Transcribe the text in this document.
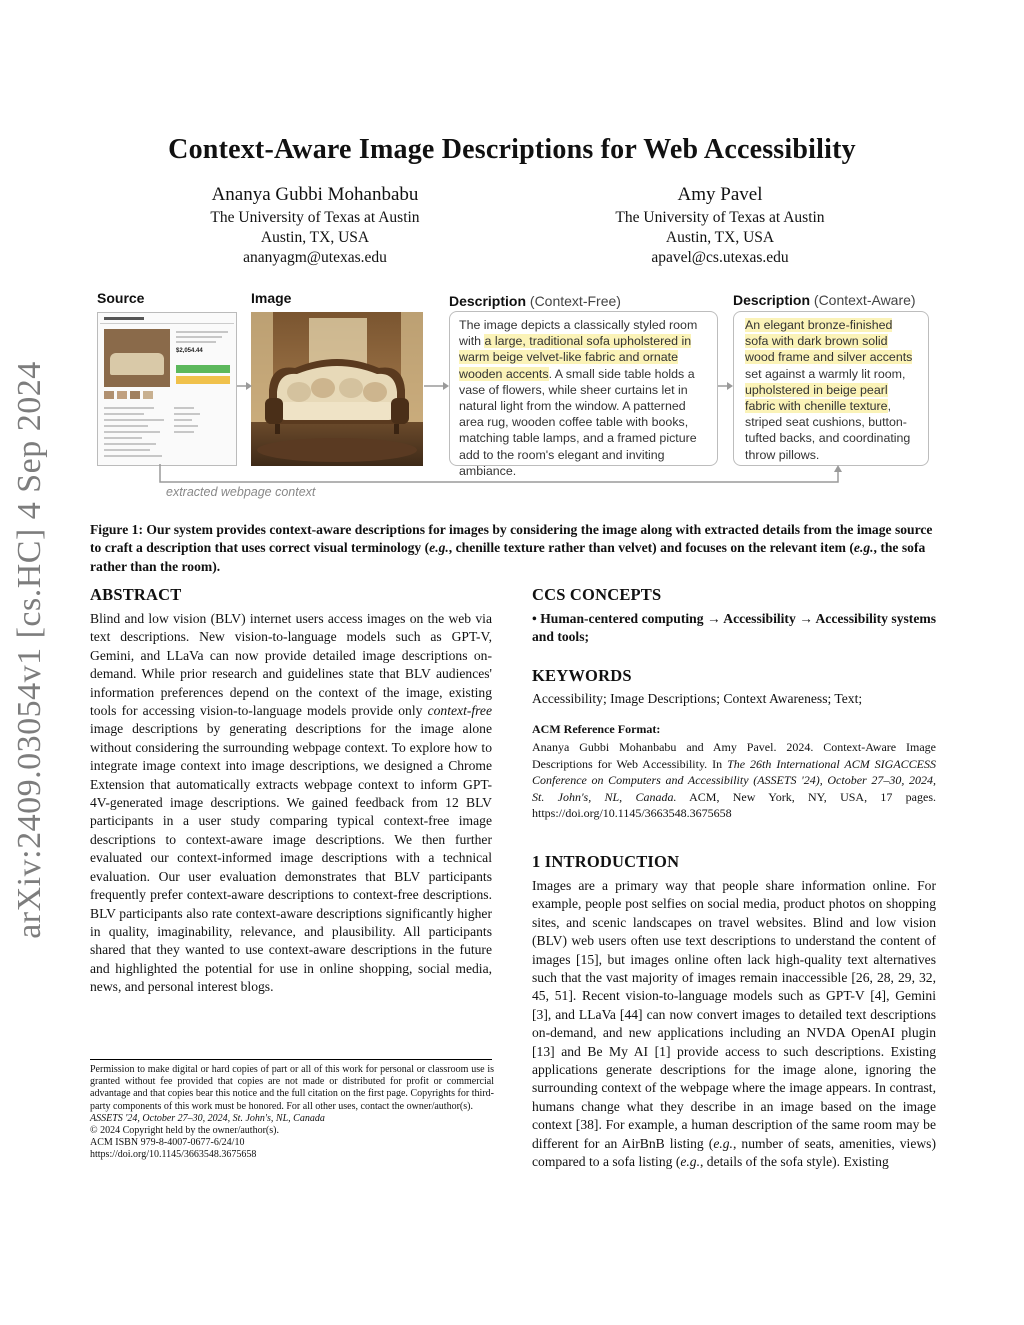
arXiv:2409.03054v1 [cs.HC] 4 Sep 2024
Context-Aware Image Descriptions for Web Accessibility
Ananya Gubbi Mohanbabu
The University of Texas at Austin
Austin, TX, USA
ananyagm@utexas.edu
Amy Pavel
The University of Texas at Austin
Austin, TX, USA
apavel@cs.utexas.edu
Source	Image	Description (Context-Free)	Description (Context-Aware)
$2,054.44
The image depicts a classically styled room with a large, traditional sofa upholstered in warm beige velvet-like fabric and ornate wooden accents. A small side table holds a vase of flowers, while sheer curtains let in natural light from the window. A patterned area rug, wooden coffee table with books, matching table lamps, and a framed picture add to the room's elegant and inviting ambiance.
An elegant bronze-finished sofa with dark brown solid wood frame and silver accents set against a warmly lit room, upholstered in beige pearl fabric with chenille texture, striped seat cushions, button-tufted backs, and coordinating throw pillows.
extracted webpage context
Figure 1: Our system provides context-aware descriptions for images by considering the image along with extracted details from the image source to craft a description that uses correct visual terminology (e.g., chenille texture rather than velvet) and focuses on the relevant item (e.g., the sofa rather than the room).
ABSTRACT
Blind and low vision (BLV) internet users access images on the web via text descriptions. New vision-to-language models such as GPT-V, Gemini, and LLaVa can now provide detailed image descriptions on-demand. While prior research and guidelines state that BLV audiences' information preferences depend on the context of the image, existing tools for accessing vision-to-language models provide only context-free image descriptions by generating descriptions for the image alone without considering the surrounding webpage context. To explore how to integrate image context into image descriptions, we designed a Chrome Extension that automatically extracts webpage context to inform GPT-4V-generated image descriptions. We gained feedback from 12 BLV participants in a user study comparing typical context-free image descriptions to context-aware image descriptions. We then further evaluated our context-informed image descriptions with a technical evaluation. Our user evaluation demonstrates that BLV participants frequently prefer context-aware descriptions to context-free descriptions. BLV participants also rate context-aware descriptions significantly higher in quality, imaginability, relevance, and plausibility. All participants shared that they wanted to use context-aware descriptions in the future and highlighted the potential for use in online shopping, social media, news, and personal interest blogs.
Permission to make digital or hard copies of part or all of this work for personal or classroom use is granted without fee provided that copies are not made or distributed for profit or commercial advantage and that copies bear this notice and the full citation on the first page. Copyrights for third-party components of this work must be honored. For all other uses, contact the owner/author(s).
ASSETS '24, October 27–30, 2024, St. John's, NL, Canada
© 2024 Copyright held by the owner/author(s).
ACM ISBN 979-8-4007-0677-6/24/10
https://doi.org/10.1145/3663548.3675658
CCS CONCEPTS
• Human-centered computing → Accessibility → Accessibility systems and tools;
KEYWORDS
Accessibility; Image Descriptions; Context Awareness; Text;
ACM Reference Format:
Ananya Gubbi Mohanbabu and Amy Pavel. 2024. Context-Aware Image Descriptions for Web Accessibility. In The 26th International ACM SIGACCESS Conference on Computers and Accessibility (ASSETS '24), October 27–30, 2024, St. John's, NL, Canada. ACM, New York, NY, USA, 17 pages. https://doi.org/10.1145/3663548.3675658
1 INTRODUCTION
Images are a primary way that people share information online. For example, people post selfies on social media, product photos on shopping sites, and scenic landscapes on travel websites. Blind and low vision (BLV) web users often use text descriptions to understand the content of images [15], but images online often lack high-quality text alternatives such that the vast majority of images remain inaccessible [26, 28, 29, 32, 45, 51]. Recent vision-to-language models such as GPT-V [4], Gemini [3], and LLaVa [44] can now convert images to detailed text descriptions on-demand, and new applications including an NVDA OpenAI plugin [13] and Be My AI [1] provide access to such descriptions. Existing applications generate descriptions for the image alone, ignoring the surrounding context of the webpage where the image appears. In contrast, humans change what they describe in an image based on the image context [38]. For example, a human description of the same room may be different for an AirBnB listing (e.g., number of seats, amenities, views) compared to a sofa listing (e.g., details of the sofa style). Existing
